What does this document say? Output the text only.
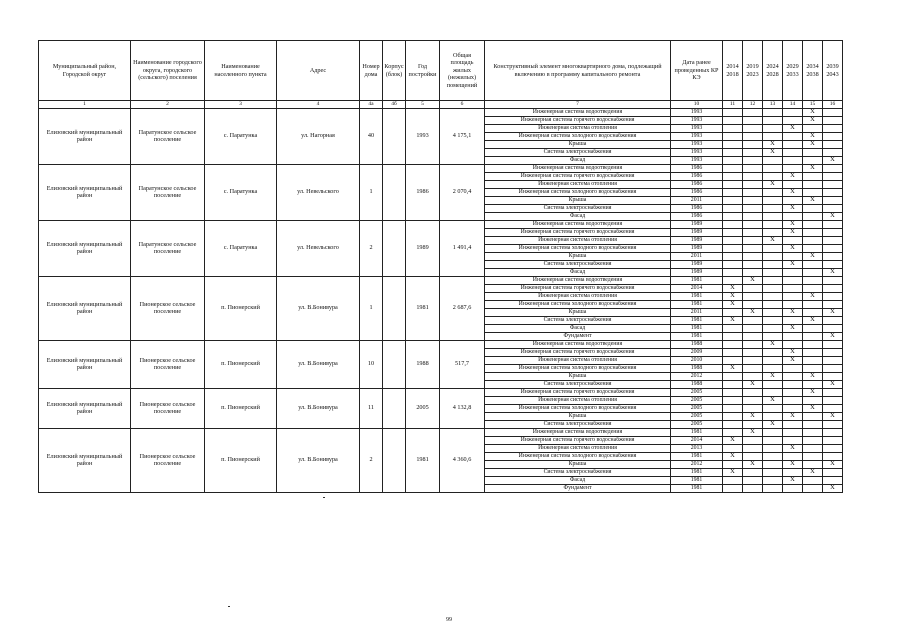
Муниципальный район, Городской округ	Наименование городского округа, городского (сельского) поселения	Наименование населенного пункта	Адрес	Номер дома	Корпус (блок)	Год постройки	Общая площадь жилых (нежилых) помещений	Конструктивный элемент многоквартирного дома, подлежащий включению в программу капитального ремонта	Дата ранее проведенных КР КЭ	2014 2018	2019 2023	2024 2028	2029 2033	2034 2038	2039 2043
1	2	3	4	4а	4б	5	6	7	10	11	12	13	14	15	16
Елизовский муниципальный район	Паратунское сельское поселение	с. Паратунка	ул. Нагорная	40		1993	4 175,1	Инженерная система водоотведения	1993					X	
								Инженерная система горячего водоснабжения	1993					X	
								Инженерная система отопления	1993				X		
								Инженерная система холодного водоснабжения	1993					X	
								Крыша	1993			X		X	
								Система электроснабжения	1993			X			
								Фасад	1993						X
Елизовский муниципальный район	Паратунское сельское поселение	с. Паратунка	ул. Невельского	1		1986	2 070,4	Инженерная система водоотведения	1986					X	
								Инженерная система горячего водоснабжения	1986				X		
								Инженерная система отопления	1986			X			
								Инженерная система холодного водоснабжения	1986				X		
								Крыша	2011					X	
								Система электроснабжения	1986				X		
								Фасад	1986						X
Елизовский муниципальный район	Паратунское сельское поселение	с. Паратунка	ул. Невельского	2		1989	1 491,4	Инженерная система водоотведения	1989				X		
								Инженерная система горячего водоснабжения	1989				X		
								Инженерная система отопления	1989			X			
								Инженерная система холодного водоснабжения	1989				X		
								Крыша	2011					X	
								Система электроснабжения	1989				X		
								Фасад	1989						X
Елизовский муниципальный район	Пионерское сельское поселение	п. Пионерский	ул. В.Бонивура	1		1981	2 687,6	Инженерная система водоотведения	1981		X				
								Инженерная система горячего водоснабжения	2014	X					
								Инженерная система отопления	1981	X				X	
								Инженерная система холодного водоснабжения	1981	X					
								Крыша	2011		X		X		X
								Система электроснабжения	1981	X				X	
								Фасад	1981				X		
								Фундамент	1981						X
Елизовский муниципальный район	Пионерское сельское поселение	п. Пионерский	ул. В.Бонивура	10		1988	517,7	Инженерная система водоотведения	1988			X			
								Инженерная система горячего водоснабжения	2009				X		
								Инженерная система отопления	2010				X		
								Инженерная система холодного водоснабжения	1988	X					
								Крыша	2012			X		X	
								Система электроснабжения	1988		X				X
Елизовский муниципальный район	Пионерское сельское поселение	п. Пионерский	ул. В.Бонивура	11		2005	4 132,8	Инженерная система горячего водоснабжения	2005					X	
								Инженерная система отопления	2005			X			
								Инженерная система холодного водоснабжения	2005					X	
								Крыша	2005		X		X		X
								Система электроснабжения	2005			X			
Елизовский муниципальный район	Пионерское сельское поселение	п. Пионерский	ул. В.Бонивура	2		1981	4 360,6	Инженерная система водоотведения	1981		X				
								Инженерная система горячего водоснабжения	2014	X					
								Инженерная система отопления	2013				X		
								Инженерная система холодного водоснабжения	1981	X					
								Крыша	2012		X		X		X
								Система электроснабжения	1981	X				X	
								Фасад	1981				X		
								Фундамент	1981						X
99
